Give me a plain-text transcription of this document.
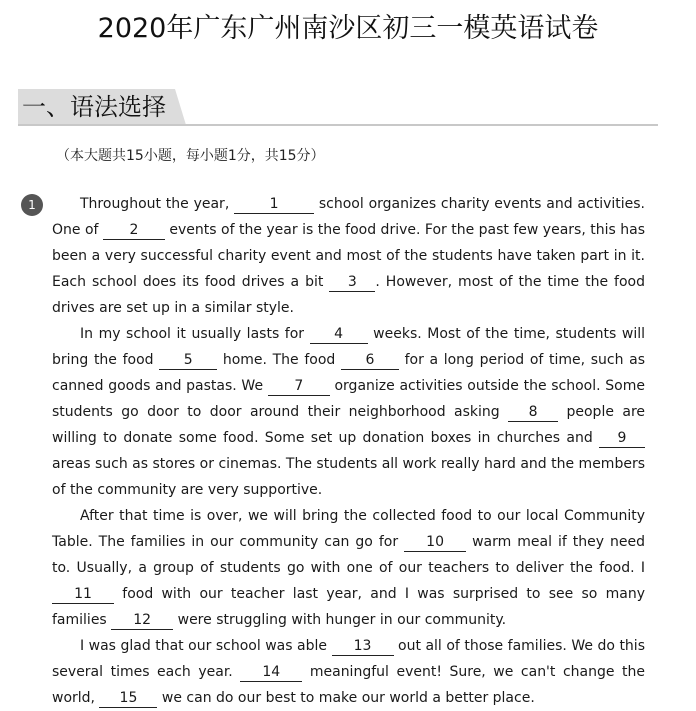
2020年广东广州南沙区初三一模英语试卷
一、语法选择
（本大题共15小题，每小题1分，共15分）
1	Throughout the year,	1	school organizes charity events and activities. One of 2 events of the year is the food drive. For the past few years, this has been a very successful charity event and most of the students have taken part in it. Each school does its food drives a bit 3 . However, most of the time the food drives are set up in a similar style.

In my school it usually lasts for 4 weeks. Most of the time, students will bring the food 5 home. The food 6 for a long period of time, such as canned goods and pastas. We 7 organize activities outside the school. Some students go door to door around their neighborhood asking 8 people are willing to donate some food. Some set up donation boxes in churches and 9 areas such as stores or cinemas. The students all work really hard and the members of the community are very supportive.

After that time is over, we will bring the collected food to our local Community Table. The families in our community can go for 10 warm meal if they need to. Usually, a group of students go with one of our teachers to deliver the food. I 11 food with our teacher last year, and I was surprised to see so many families 12 were struggling with hunger in our community.

I was glad that our school was able 13 out all of those families. We do this several times each year. 14 meaningful event! Sure, we can't change the world, 15 we can do our best to make our world a better place.
